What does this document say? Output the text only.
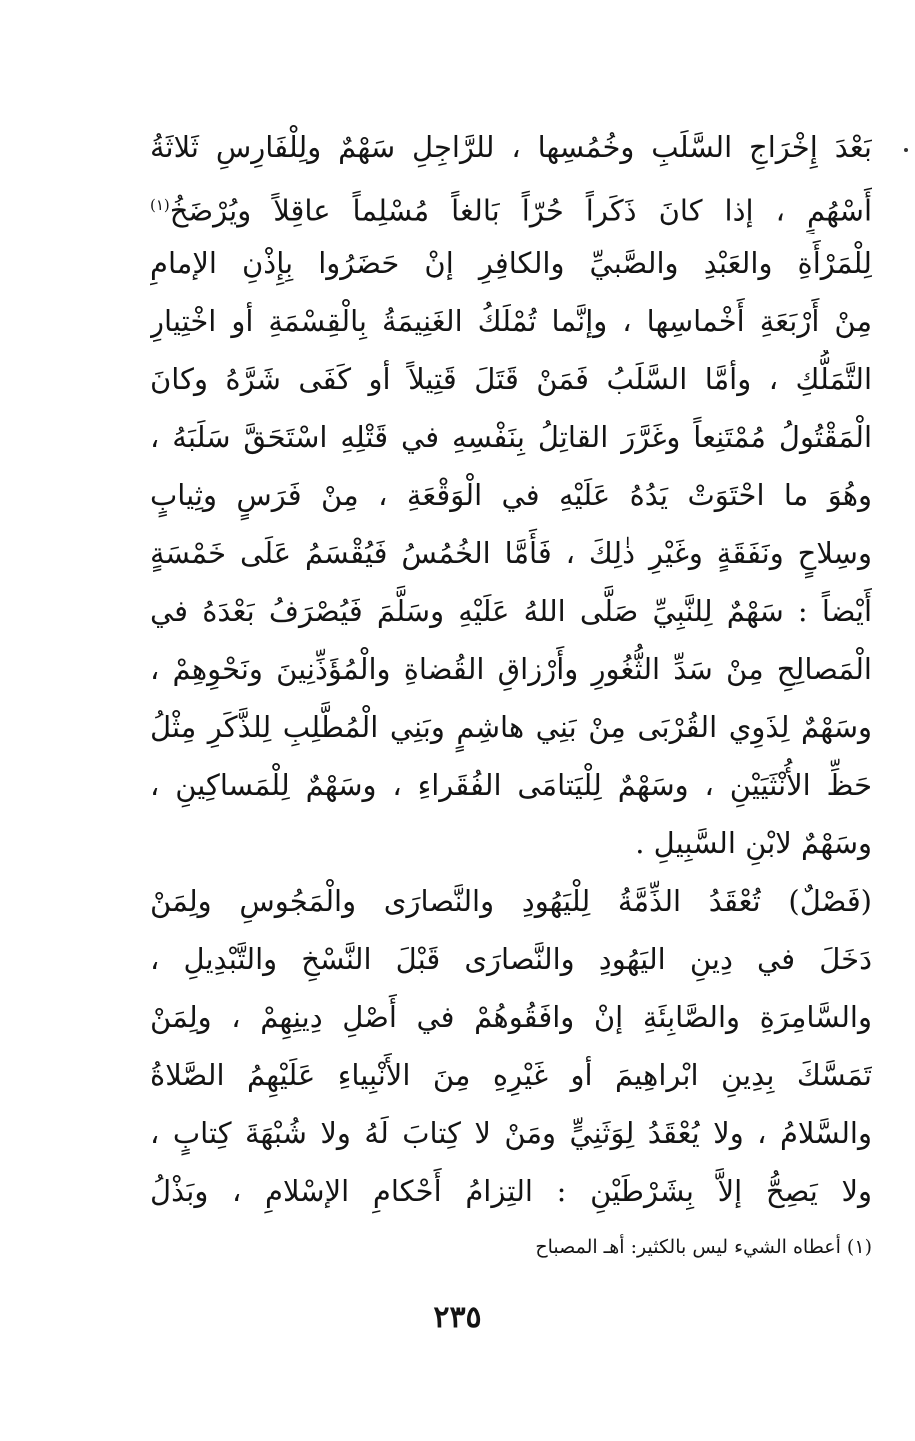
بَعْدَ إِخْرَاجِ السَّلَبِ وخُمُسِها ، للرَّاجِلِ سَهْمٌ ولِلْفَارِسِ ثَلاثَةُ
أَسْهُمٍ ، إذا كانَ ذَكَراً حُرّاً بَالغاً مُسْلِماً عاقِلاً ويُرْضَخُ$^{(١)}$
لِلْمَرْأَةِ والعَبْدِ والصَّبيِّ والكافِرِ إنْ حَضَرُوا بِإِذْنِ الإمامِ
مِنْ أَرْبَعَةِ أَخْماسِها ، وإنَّما تُمْلَكُ الغَنِيمَةُ بِالْقِسْمَةِ أو اخْتِيارِ
التَّمَلُّكِ ، وأمَّا السَّلَبُ فَمَنْ قَتَلَ قَتِيلاً أو كَفَى شَرَّهُ وكانَ
الْمَقْتُولُ مُمْتَنِعاً وغَرَّرَ القاتِلُ بِنَفْسِهِ في قَتْلِهِ اسْتَحَقَّ سَلَبَهُ ،
وهُوَ ما احْتَوَتْ يَدُهُ عَلَيْهِ في الْوَقْعَةِ ، مِنْ فَرَسٍ وثِيابٍ
وسِلاحٍ ونَفَقَةٍ وغَيْرِ ذٰلِكَ ، فَأَمَّا الخُمُسُ فَيُقْسَمُ عَلَى خَمْسَةٍ
أَيْضاً : سَهْمٌ لِلنَّبِيِّ صَلَّى اللهُ عَلَيْهِ وسَلَّمَ فَيُصْرَفُ بَعْدَهُ في
الْمَصالِحِ مِنْ سَدِّ الثُّغُورِ وأَرْزاقِ القُضاةِ والْمُؤَذِّنِينَ ونَحْوِهِمْ ،
وسَهْمٌ لِذَوِي القُرْبَى مِنْ بَنِي هاشِمٍ وبَنِي الْمُطَّلِبِ لِلذَّكَرِ مِثْلُ
حَظِّ الأُنْثَيَيْنِ ، وسَهْمٌ لِلْيَتامَى الفُقَراءِ ، وسَهْمٌ لِلْمَساكِينِ ،
وسَهْمٌ لابْنِ السَّبِيلِ .
(فَصْلٌ) تُعْقَدُ الذِّمَّةُ لِلْيَهُودِ والنَّصارَى والْمَجُوسِ ولِمَنْ
دَخَلَ في دِينِ اليَهُودِ والنَّصارَى قَبْلَ النَّسْخِ والتَّبْدِيلِ ،
والسَّامِرَةِ والصَّابِئَةِ إنْ وافَقُوهُمْ في أَصْلِ دِينِهِمْ ، ولِمَنْ
تَمَسَّكَ بِدِينِ ابْراهِيمَ أو غَيْرِهِ مِنَ الأَنْبِياءِ عَلَيْهِمُ الصَّلاةُ
والسَّلامُ ، ولا يُعْقَدُ لِوَثَنِيٍّ ومَنْ لا كِتابَ لَهُ ولا شُبْهَةَ كِتابٍ ،
ولا يَصِحُّ إلاَّ بِشَرْطَيْنِ : التِزامُ أَحْكامِ الإسْلامِ ، وبَذْلُ
(١) أعطاه الشيء ليس بالكثير: أهـ المصباح
٢٣٥
